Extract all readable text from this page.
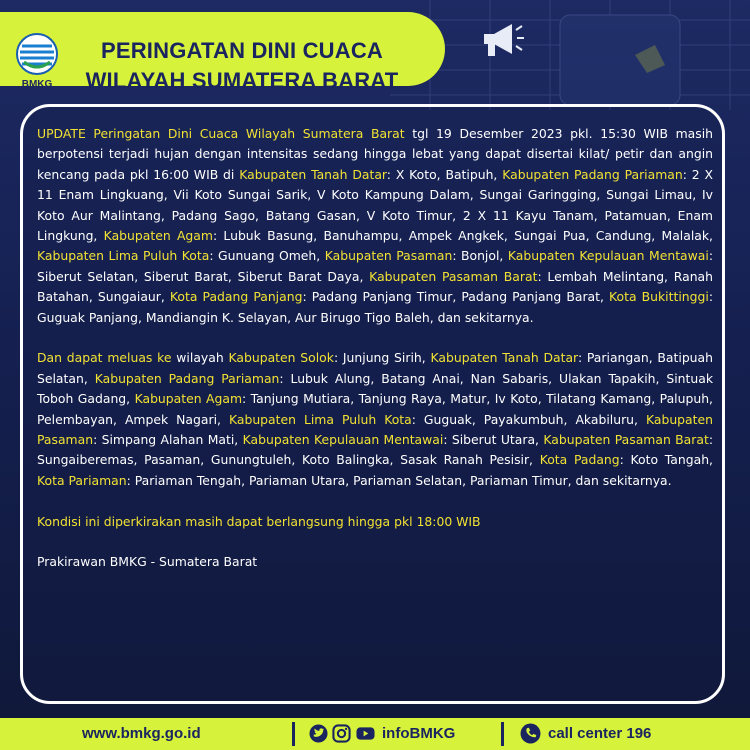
BMKG
PERINGATAN DINI CUACA
WILAYAH SUMATERA BARAT

UPDATE Peringatan Dini Cuaca Wilayah Sumatera Barat tgl 19 Desember 2023 pkl. 15:30 WIB masih berpotensi terjadi hujan dengan intensitas sedang hingga lebat yang dapat disertai kilat/ petir dan angin kencang pada pkl 16:00 WIB di Kabupaten Tanah Datar: X Koto, Batipuh, Kabupaten Padang Pariaman: 2 X 11 Enam Lingkuang, Vii Koto Sungai Sarik, V Koto Kampung Dalam, Sungai Garingging, Sungai Limau, Iv Koto Aur Malintang, Padang Sago, Batang Gasan, V Koto Timur, 2 X 11 Kayu Tanam, Patamuan, Enam Lingkung, Kabupaten Agam: Lubuk Basung, Banuhampu, Ampek Angkek, Sungai Pua, Candung, Malalak, Kabupaten Lima Puluh Kota: Gunuang Omeh, Kabupaten Pasaman: Bonjol, Kabupaten Kepulauan Mentawai: Siberut Selatan, Siberut Barat, Siberut Barat Daya, Kabupaten Pasaman Barat: Lembah Melintang, Ranah Batahan, Sungaiaur, Kota Padang Panjang: Padang Panjang Timur, Padang Panjang Barat, Kota Bukittinggi: Guguak Panjang, Mandiangin K. Selayan, Aur Birugo Tigo Baleh, dan sekitarnya.

Dan dapat meluas ke wilayah Kabupaten Solok: Junjung Sirih, Kabupaten Tanah Datar: Pariangan, Batipuah Selatan, Kabupaten Padang Pariaman: Lubuk Alung, Batang Anai, Nan Sabaris, Ulakan Tapakih, Sintuak Toboh Gadang, Kabupaten Agam: Tanjung Mutiara, Tanjung Raya, Matur, Iv Koto, Tilatang Kamang, Palupuh, Pelembayan, Ampek Nagari, Kabupaten Lima Puluh Kota: Guguak, Payakumbuh, Akabiluru, Kabupaten Pasaman: Simpang Alahan Mati, Kabupaten Kepulauan Mentawai: Siberut Utara, Kabupaten Pasaman Barat: Sungaiberemas, Pasaman, Gunungtuleh, Koto Balingka, Sasak Ranah Pesisir, Kota Padang: Koto Tangah, Kota Pariaman: Pariaman Tengah, Pariaman Utara, Pariaman Selatan, Pariaman Timur, dan sekitarnya.

Kondisi ini diperkirakan masih dapat berlangsung hingga pkl 18:00 WIB

Prakirawan BMKG - Sumatera Barat

www.bmkg.go.id	infoBMKG	call center 196
